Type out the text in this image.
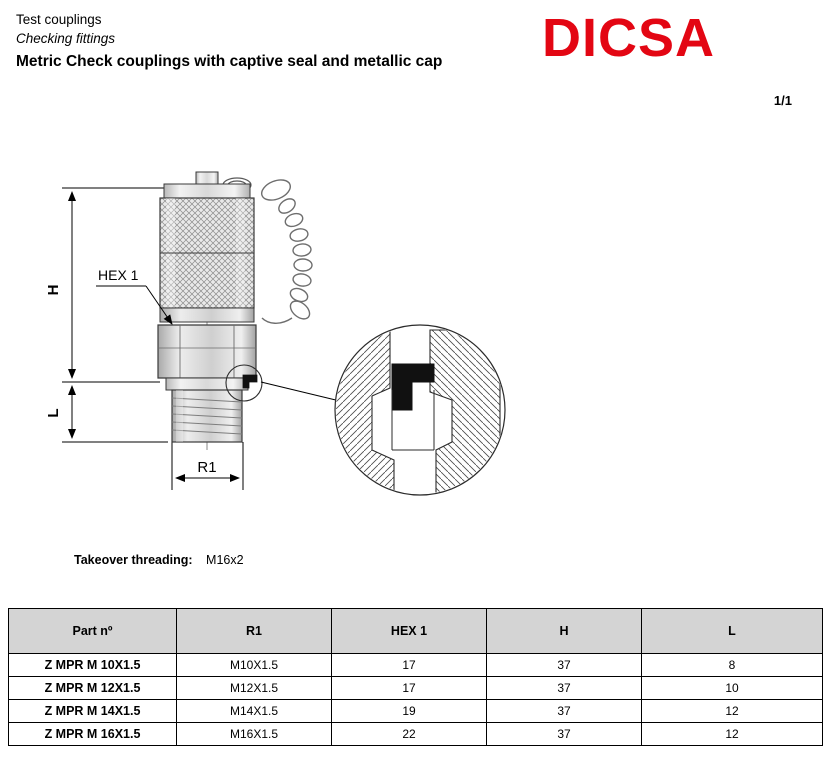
Test couplings
Checking fittings
Metric Check couplings with captive seal and metallic cap	DICSA
1/1
H
L
R1
HEX 1
Takeover threading: M16x2
Part nº	R1	HEX 1	H	L
Z MPR M 10X1.5	M10X1.5	17	37	8
Z MPR M 12X1.5	M12X1.5	17	37	10
Z MPR M 14X1.5	M14X1.5	19	37	12
Z MPR M 16X1.5	M16X1.5	22	37	12
